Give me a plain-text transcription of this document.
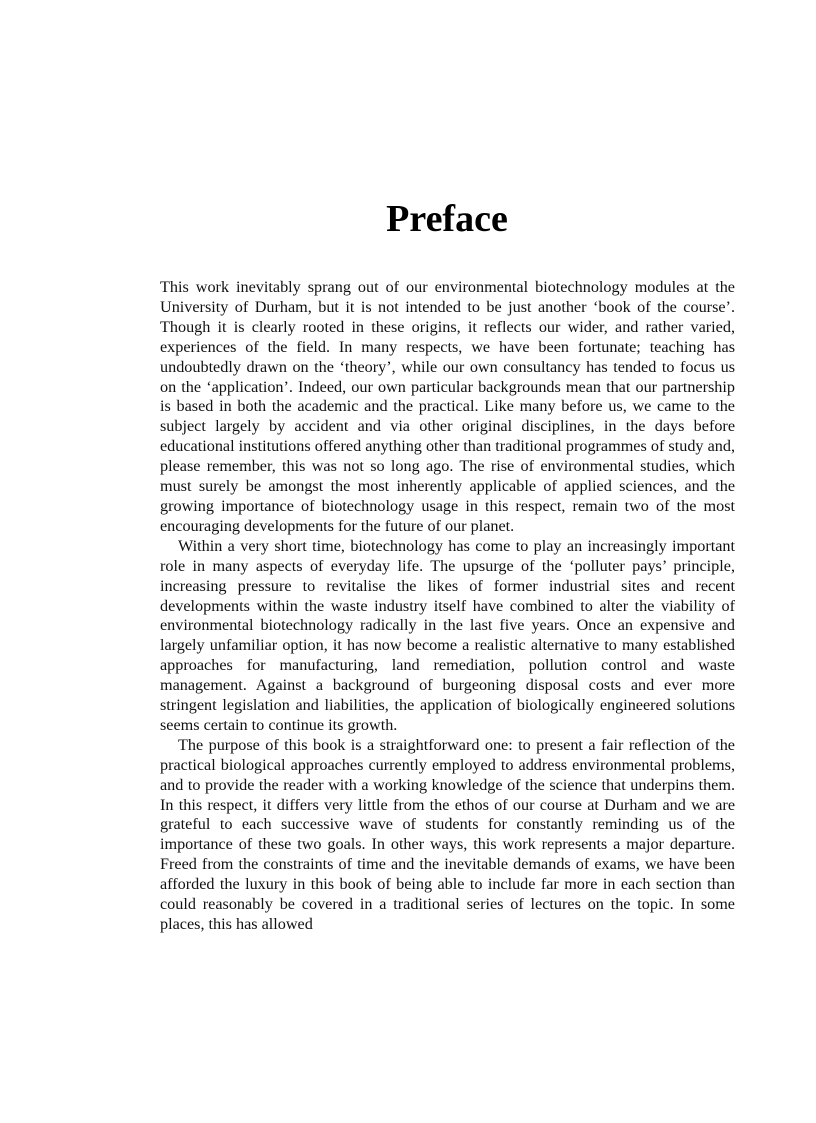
Preface

This work inevitably sprang out of our environmental biotechnology modules at the University of Durham, but it is not intended to be just another ‘book of the course’. Though it is clearly rooted in these origins, it reflects our wider, and rather varied, experiences of the field. In many respects, we have been fortunate; teaching has undoubtedly drawn on the ‘theory’, while our own consultancy has tended to focus us on the ‘application’. Indeed, our own particular backgrounds mean that our partnership is based in both the academic and the practical. Like many before us, we came to the subject largely by accident and via other original disciplines, in the days before educational institutions offered anything other than traditional programmes of study and, please remember, this was not so long ago. The rise of environmental studies, which must surely be amongst the most inherently applicable of applied sciences, and the growing importance of biotechnology usage in this respect, remain two of the most encouraging developments for the future of our planet.

Within a very short time, biotechnology has come to play an increasingly important role in many aspects of everyday life. The upsurge of the ‘polluter pays’ principle, increasing pressure to revitalise the likes of former industrial sites and recent developments within the waste industry itself have combined to alter the viability of environmental biotechnology radically in the last five years. Once an expensive and largely unfamiliar option, it has now become a realistic alternative to many established approaches for manufacturing, land remediation, pollution control and waste management. Against a background of burgeoning disposal costs and ever more stringent legislation and liabilities, the application of biologically engineered solutions seems certain to continue its growth.

The purpose of this book is a straightforward one: to present a fair reflection of the practical biological approaches currently employed to address environmental problems, and to provide the reader with a working knowledge of the science that underpins them. In this respect, it differs very little from the ethos of our course at Durham and we are grateful to each successive wave of students for constantly reminding us of the importance of these two goals. In other ways, this work represents a major departure. Freed from the constraints of time and the inevitable demands of exams, we have been afforded the luxury in this book of being able to include far more in each section than could reasonably be covered in a traditional series of lectures on the topic. In some places, this has allowed
